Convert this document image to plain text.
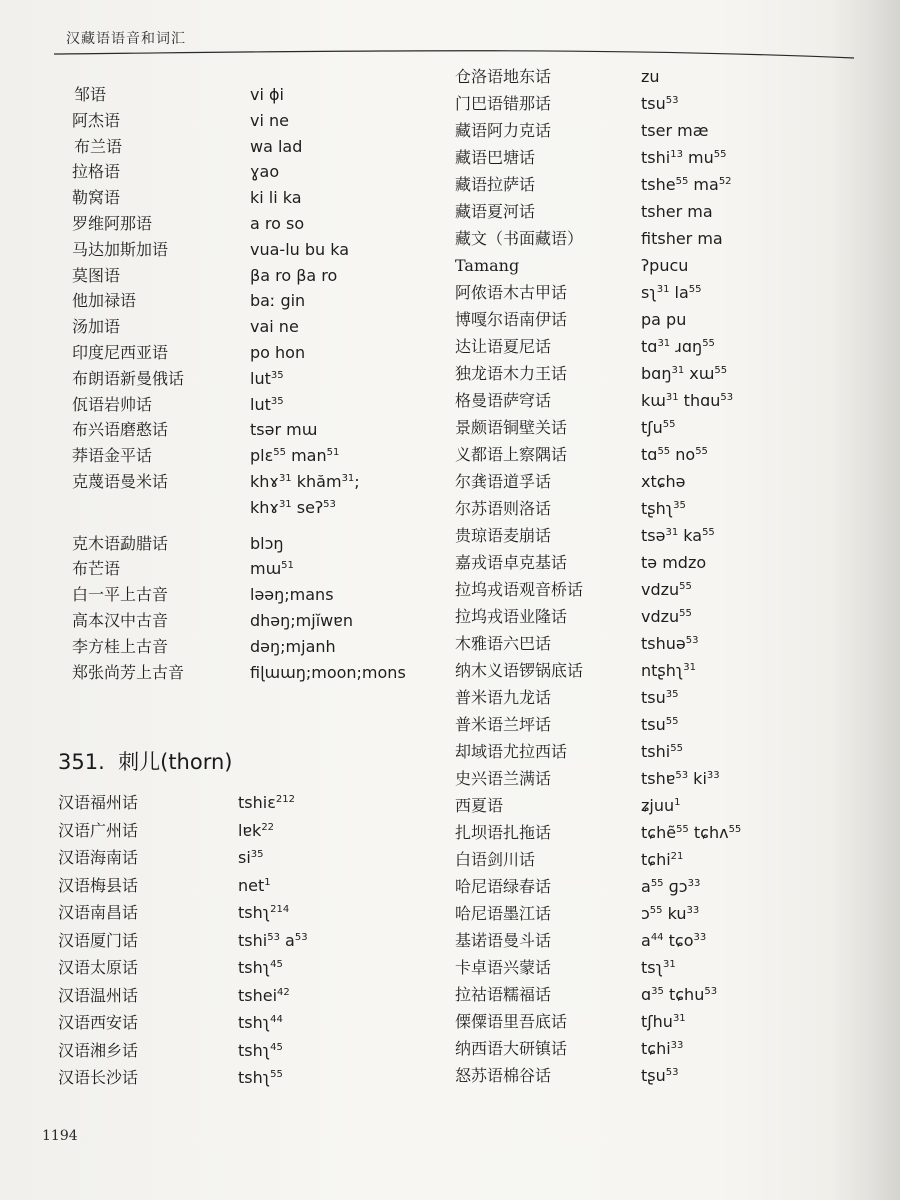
汉藏语语音和词汇
邹语	vi ɸi
阿杰语	vi ne
布兰语	wa lad
拉格语	ɣao
勒窝语	ki li ka
罗维阿那语	a ro so
马达加斯加语	vua-lu bu ka
莫图语	βa ro βa ro
他加禄语	baː gin
汤加语	vai ne
印度尼西亚语	po hon
布朗语新曼俄话	lut$^{35}$
佤语岩帅话	lut$^{35}$
布兴语磨憨话	tsər mɯ
莽语金平话	plɛ$^{55}$ man$^{51}$
克蔑语曼米话	khɤ$^{31}$ khăm$^{31}$;
khɤ$^{31}$ seʔ$^{53}$
克木语勐腊话	blɔŋ
布芒语	mɯ$^{51}$
白一平上古音	ləəŋ;mans
高本汉中古音	dhəŋ;mjĭwɐn
李方桂上古音	dəŋ;mjanh
郑张尚芳上古音	fiɭɯɯŋ;moon;mons
351. 刺儿(thorn)
汉语福州话	tshiɛ$^{212}$
汉语广州话	lɐk$^{22}$
汉语海南话	$si^{35}$
汉语梅县话	net$^1$
汉语南昌话	tshʅ$^{214}$
汉语厦门话	tshi$^{53}$ $a^{53}$
汉语太原话	tshʅ$^{45}$
汉语温州话	tshei$^{42}$
汉语西安话	tshʅ$^{44}$
汉语湘乡话	tshʅ$^{45}$
汉语长沙话	tshʅ$^{55}$
仓洛语地东话	zu
门巴语错那话	tsu$^{53}$
藏语阿力克话	tser mæ
藏语巴塘话	tshi$^{13}$ $mu^{55}$
藏语拉萨话	tshe$^{55}$ $ma^{52}$
藏语夏河话	tsher ma
藏文（书面藏语）	fitsher ma
Tamang	ʔpucu
阿侬语木古甲话	sʅ$^{31}$ $la^{55}$
博嘎尔语南伊话	pa pu
达让语夏尼话	tɑ$^{31}$ ɹɑŋ$^{55}$
独龙语木力王话	bɑŋ$^{31}$ xɯ$^{55}$
格曼语萨穹话	kɯ$^{31}$ thɑu$^{53}$
景颇语铜壁关话	tʃu$^{55}$
义都语上察隅话	tɑ$^{55}$ $no^{55}$
尔龚语道孚话	xtɕhə
尔苏语则洛话	tʂhʅ$^{35}$
贵琼语麦崩话	tsə$^{31}$ $ka^{55}$
嘉戎语卓克基话	tə mdzo
拉坞戎语观音桥话	vdzu$^{55}$
拉坞戎语业隆话	vdzu$^{55}$
木雅语六巴话	tshuə$^{53}$
纳木义语锣锅底话	ntʂhʅ$^{31}$
普米语九龙话	tsu$^{35}$
普米语兰坪话	tsu$^{55}$
却域语尤拉西话	tshi$^{55}$
史兴语兰满话	tshɐ$^{53}$ $ki^{33}$
西夏语	ʑjuu$^1$
扎坝语扎拖话	tɕhẽ$^{55}$ tɕhʌ$^{55}$
白语剑川话	tɕhi$^{21}$
哈尼语绿春话	$a^{55}$ ɡɔ$^{33}$
哈尼语墨江话	ɔ$^{55}$ $ku^{33}$
基诺语曼斗话	$a^{44}$ tɕo$^{33}$
卡卓语兴蒙话	tsʅ$^{31}$
拉祜语糯福话	ɑ$^{35}$ tɕhu$^{53}$
傈僳语里吾底话	tʃhu$^{31}$
纳西语大研镇话	tɕhi$^{33}$
怒苏语棉谷话	tʂu$^{53}$
1194
